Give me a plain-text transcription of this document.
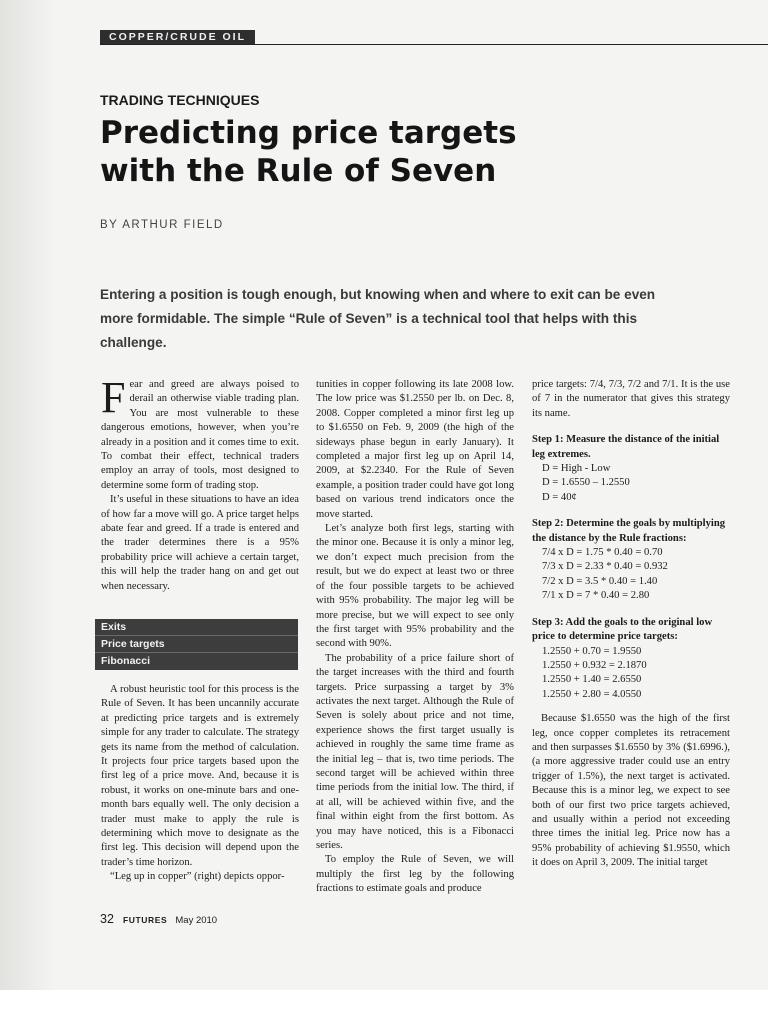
COPPER/CRUDE OIL
TRADING TECHNIQUES
Predicting price targets
with the Rule of Seven
BY ARTHUR FIELD
Entering a position is tough enough, but knowing when and where to exit can be even more formidable. The simple “Rule of Seven” is a technical tool that helps with this challenge.

Fear and greed are always poised to derail an otherwise viable trading plan. You are most vulnerable to these dangerous emotions, however, when you’re already in a position and it comes time to exit. To combat their effect, technical traders employ an array of tools, most designed to determine some form of trading stop.

It’s useful in these situations to have an idea of how far a move will go. A price target helps abate fear and greed. If a trade is entered and the trader determines there is a 95% probability price will achieve a certain target, this will help the trader hang on and get out when necessary.

Exits
Price targets
Fibonacci

A robust heuristic tool for this process is the Rule of Seven. It has been uncannily accurate at predicting price targets and is extremely simple for any trader to calculate. The strategy gets its name from the method of calculation. It projects four price targets based upon the first leg of a price move. And, because it is robust, it works on one-minute bars and one-month bars equally well. The only decision a trader must make to apply the rule is determining which move to designate as the first leg. This decision will depend upon the trader’s time horizon.

“Leg up in copper” (right) depicts oppor-

tunities in copper following its late 2008 low. The low price was $1.2550 per lb. on Dec. 8, 2008. Copper completed a minor first leg up to $1.6550 on Feb. 9, 2009 (the high of the sideways phase begun in early January). It completed a major first leg up on April 14, 2009, at $2.2340. For the Rule of Seven example, a position trader could have got long based on various trend indicators once the move started.

Let’s analyze both first legs, starting with the minor one. Because it is only a minor leg, we don’t expect much precision from the result, but we do expect at least two or three of the four possible targets to be achieved with 95% probability. The major leg will be more precise, but we will expect to see only the first target with 95% probability and the second with 90%.

The probability of a price failure short of the target increases with the third and fourth targets. Price surpassing a target by 3% activates the next target. Although the Rule of Seven is solely about price and not time, experience shows the first target usually is achieved in roughly the same time frame as the initial leg – that is, two time periods. The second target will be achieved within three time periods from the initial low. The third, if at all, will be achieved within five, and the final within eight from the first bottom. As you may have noticed, this is a Fibonacci series.

To employ the Rule of Seven, we will multiply the first leg by the following fractions to estimate goals and produce

price targets: 7/4, 7/3, 7/2 and 7/1. It is the use of 7 in the numerator that gives this strategy its name.

Step 1: Measure the distance of the initial leg extremes.
D = High - Low
D = 1.6550 – 1.2550
D = 40¢
Step 2: Determine the goals by multiplying the distance by the Rule fractions:
7/4 x D = 1.75 * 0.40 = 0.70
7/3 x D = 2.33 * 0.40 = 0.932
7/2 x D = 3.5 * 0.40 = 1.40
7/1 x D = 7 * 0.40 = 2.80
Step 3: Add the goals to the original low price to determine price targets:
1.2550 + 0.70 = 1.9550
1.2550 + 0.932 = 2.1870
1.2550 + 1.40 = 2.6550
1.2550 + 2.80 = 4.0550

Because $1.6550 was the high of the first leg, once copper completes its retracement and then surpasses $1.6550 by 3% ($1.6996.), (a more aggressive trader could use an entry trigger of 1.5%), the next target is activated. Because this is a minor leg, we expect to see both of our first two price targets achieved, and usually within a period not exceeding three times the initial leg. Price now has a 95% probability of achieving $1.9550, which it does on April 3, 2009. The initial target

32 FUTURES May 2010
